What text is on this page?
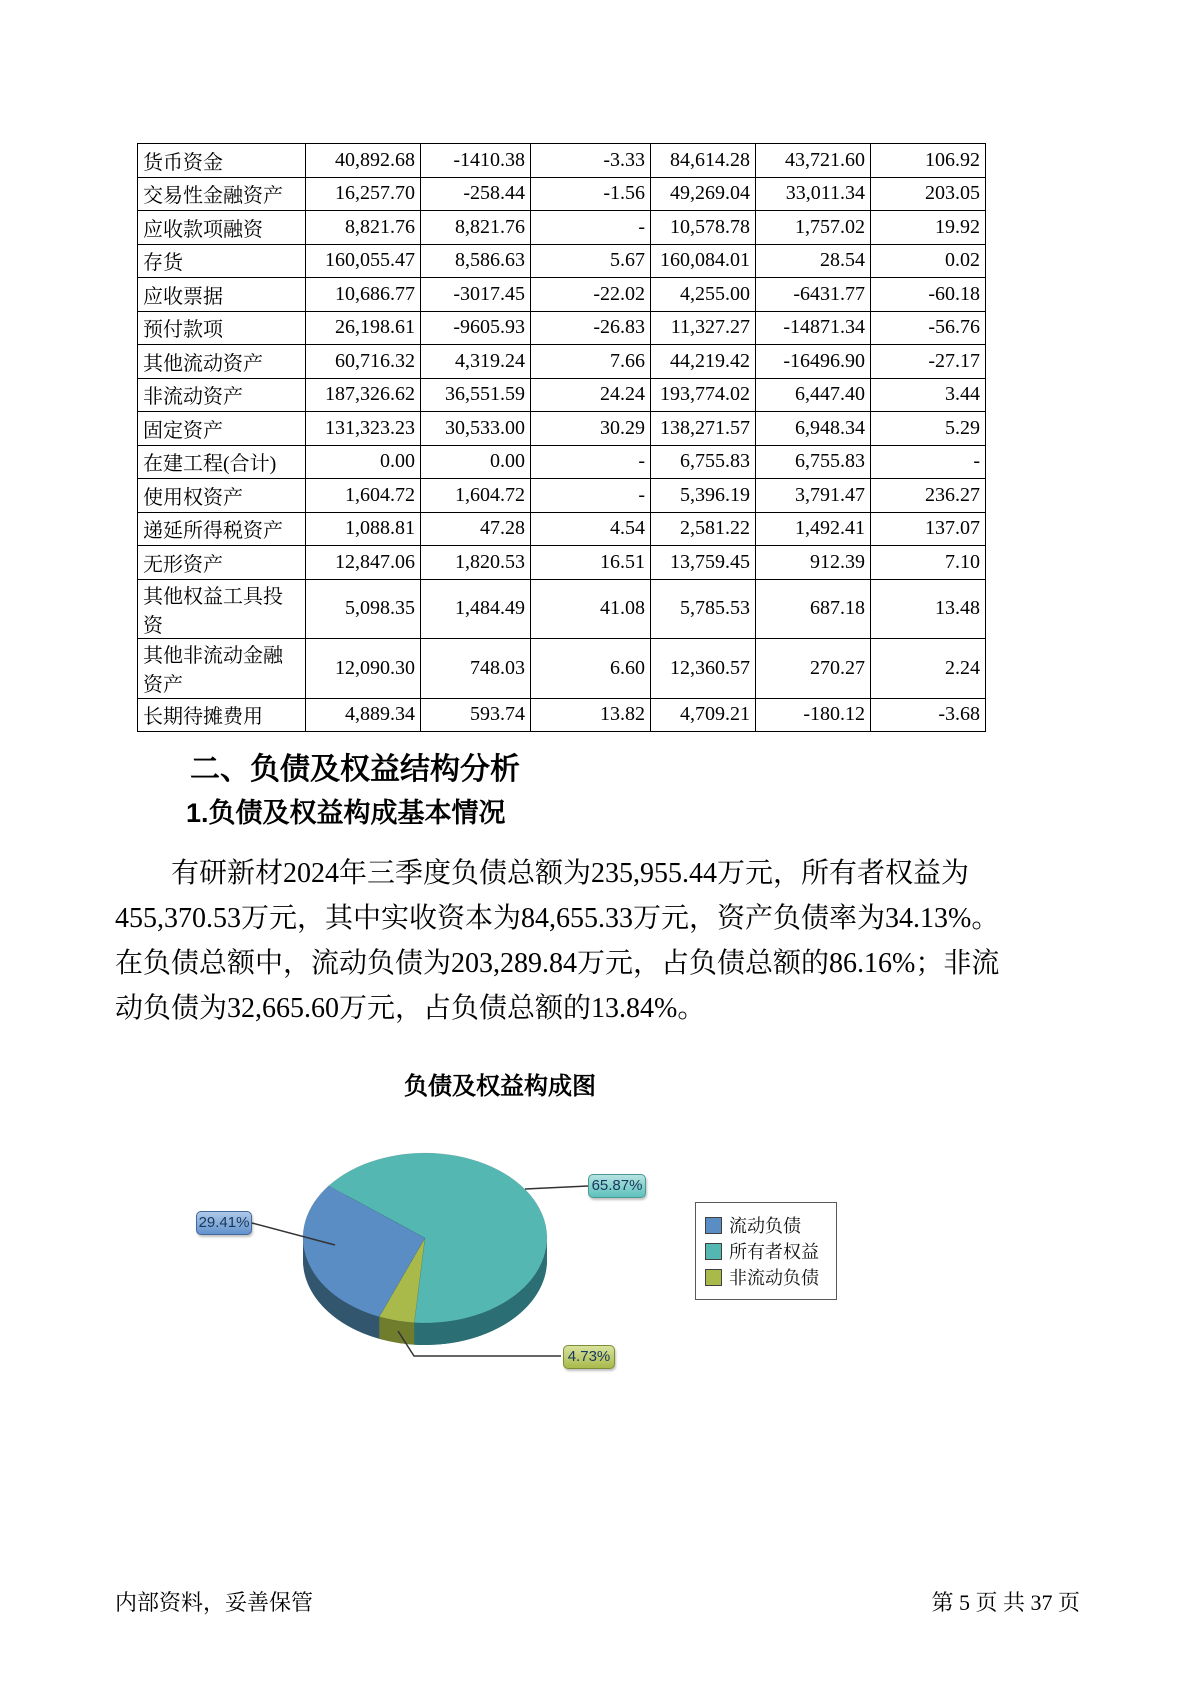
货币资金	40,892.68	-1410.38	-3.33	84,614.28	43,721.60	106.92
交易性金融资产	16,257.70	-258.44	-1.56	49,269.04	33,011.34	203.05
应收款项融资	8,821.76	8,821.76	-	10,578.78	1,757.02	19.92
存货	160,055.47	8,586.63	5.67	160,084.01	28.54	0.02
应收票据	10,686.77	-3017.45	-22.02	4,255.00	-6431.77	-60.18
预付款项	26,198.61	-9605.93	-26.83	11,327.27	-14871.34	-56.76
其他流动资产	60,716.32	4,319.24	7.66	44,219.42	-16496.90	-27.17
非流动资产	187,326.62	36,551.59	24.24	193,774.02	6,447.40	3.44
固定资产	131,323.23	30,533.00	30.29	138,271.57	6,948.34	5.29
在建工程(合计)	0.00	0.00	-	6,755.83	6,755.83	-
使用权资产	1,604.72	1,604.72	-	5,396.19	3,791.47	236.27
递延所得税资产	1,088.81	47.28	4.54	2,581.22	1,492.41	137.07
无形资产	12,847.06	1,820.53	16.51	13,759.45	912.39	7.10
其他权益工具投资	5,098.35	1,484.49	41.08	5,785.53	687.18	13.48
其他非流动金融资产	12,090.30	748.03	6.60	12,360.57	270.27	2.24
长期待摊费用	4,889.34	593.74	13.82	4,709.21	-180.12	-3.68
二、负债及权益结构分析
1.负债及权益构成基本情况
有研新材2024年三季度负债总额为235,955.44万元，所有者权益为
455,370.53万元，其中实收资本为84,655.33万元，资产负债率为34.13%。
在负债总额中，流动负债为203,289.84万元，占负债总额的86.16%；非流
动负债为32,665.60万元，占负债总额的13.84%。
负债及权益构成图
29.41%
65.87%
4.73%
流动负债
所有者权益
非流动负债
内部资料，妥善保管	第 5 页 共 37 页
